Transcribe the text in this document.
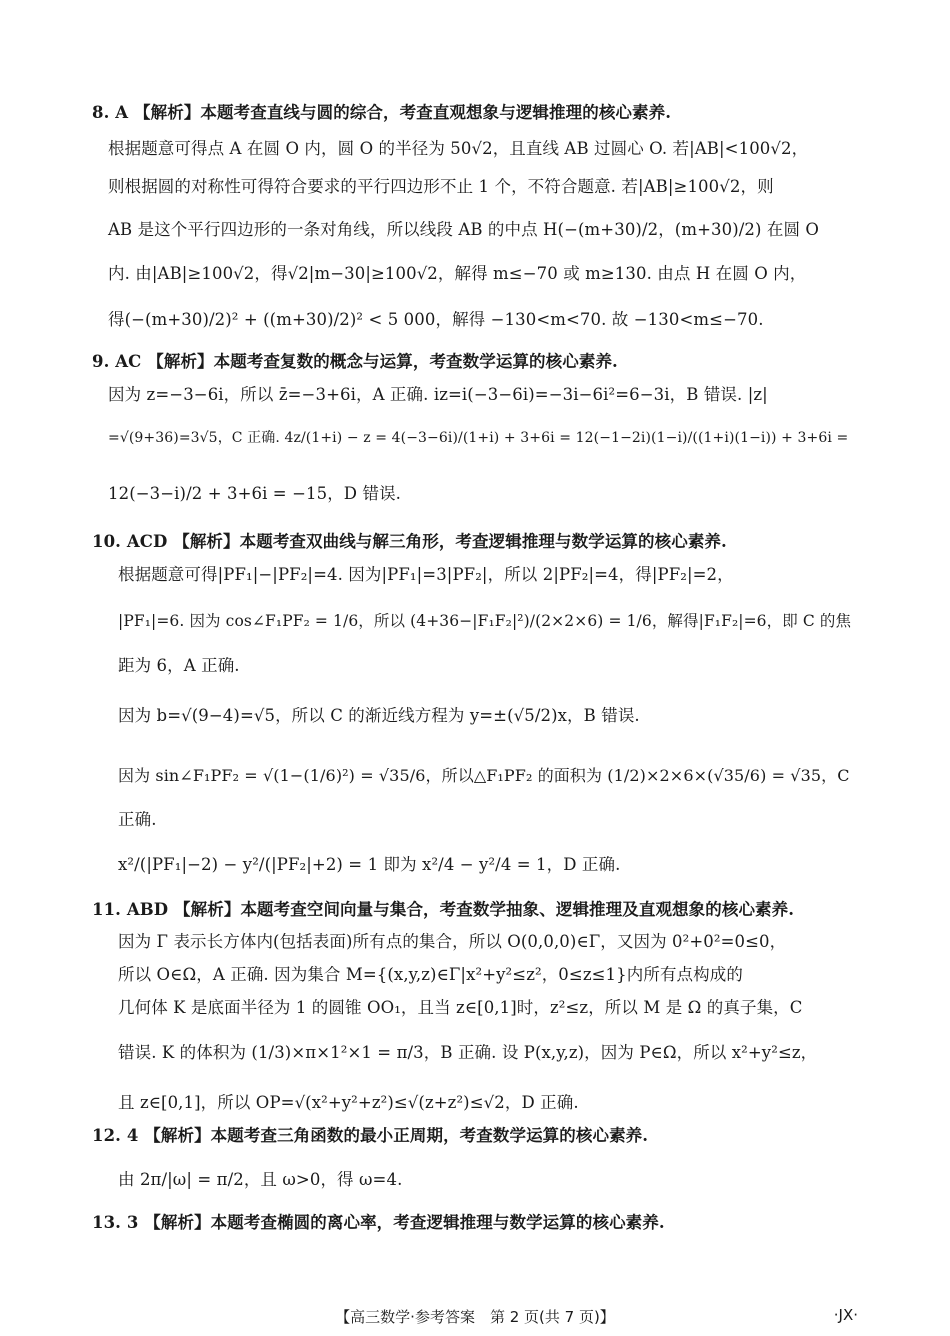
8. A 【解析】本题考查直线与圆的综合，考查直观想象与逻辑推理的核心素养.
根据题意可得点 A 在圆 O 内，圆 O 的半径为 50√2，且直线 AB 过圆心 O. 若|AB|<100√2，
则根据圆的对称性可得符合要求的平行四边形不止 1 个，不符合题意. 若|AB|≥100√2，则
AB 是这个平行四边形的一条对角线，所以线段 AB 的中点 H(−(m+30)/2，(m+30)/2) 在圆 O
内. 由|AB|≥100√2，得√2|m−30|≥100√2，解得 m≤−70 或 m≥130. 由点 H 在圆 O 内，
得(−(m+30)/2)² + ((m+30)/2)² < 5 000，解得 −130<m<70. 故 −130<m≤−70.
9. AC 【解析】本题考查复数的概念与运算，考查数学运算的核心素养.
因为 z=−3−6i，所以 z̄=−3+6i，A 正确. iz=i(−3−6i)=−3i−6i²=6−3i，B 错误. |z|
=√(9+36)=3√5，C 正确. 4z/(1+i) − z = 4(−3−6i)/(1+i) + 3+6i = 12(−1−2i)(1−i)/((1+i)(1−i)) + 3+6i =
12(−3−i)/2 + 3+6i = −15，D 错误.
10. ACD 【解析】本题考查双曲线与解三角形，考查逻辑推理与数学运算的核心素养.
根据题意可得|PF₁|−|PF₂|=4. 因为|PF₁|=3|PF₂|，所以 2|PF₂|=4，得|PF₂|=2，
|PF₁|=6. 因为 cos∠F₁PF₂ = 1/6，所以 (4+36−|F₁F₂|²)/(2×2×6) = 1/6，解得|F₁F₂|=6，即 C 的焦
距为 6，A 正确.
因为 b=√(9−4)=√5，所以 C 的渐近线方程为 y=±(√5/2)x，B 错误.
因为 sin∠F₁PF₂ = √(1−(1/6)²) = √35/6，所以△F₁PF₂ 的面积为 (1/2)×2×6×(√35/6) = √35，C
正确.
x²/(|PF₁|−2) − y²/(|PF₂|+2) = 1 即为 x²/4 − y²/4 = 1，D 正确.
11. ABD 【解析】本题考查空间向量与集合，考查数学抽象、逻辑推理及直观想象的核心素养.
因为 Γ 表示长方体内(包括表面)所有点的集合，所以 O(0,0,0)∈Γ，又因为 0²+0²=0≤0，
所以 O∈Ω，A 正确. 因为集合 M={(x,y,z)∈Γ|x²+y²≤z²，0≤z≤1}内所有点构成的
几何体 K 是底面半径为 1 的圆锥 OO₁，且当 z∈[0,1]时，z²≤z，所以 M 是 Ω 的真子集，C
错误. K 的体积为 (1/3)×π×1²×1 = π/3，B 正确. 设 P(x,y,z)，因为 P∈Ω，所以 x²+y²≤z，
且 z∈[0,1]，所以 OP=√(x²+y²+z²)≤√(z+z²)≤√2，D 正确.
12. 4 【解析】本题考查三角函数的最小正周期，考查数学运算的核心素养.
由 2π/|ω| = π/2，且 ω>0，得 ω=4.
13. 3 【解析】本题考查椭圆的离心率，考查逻辑推理与数学运算的核心素养.
【高三数学·参考答案　第 2 页(共 7 页)】	·JX·
